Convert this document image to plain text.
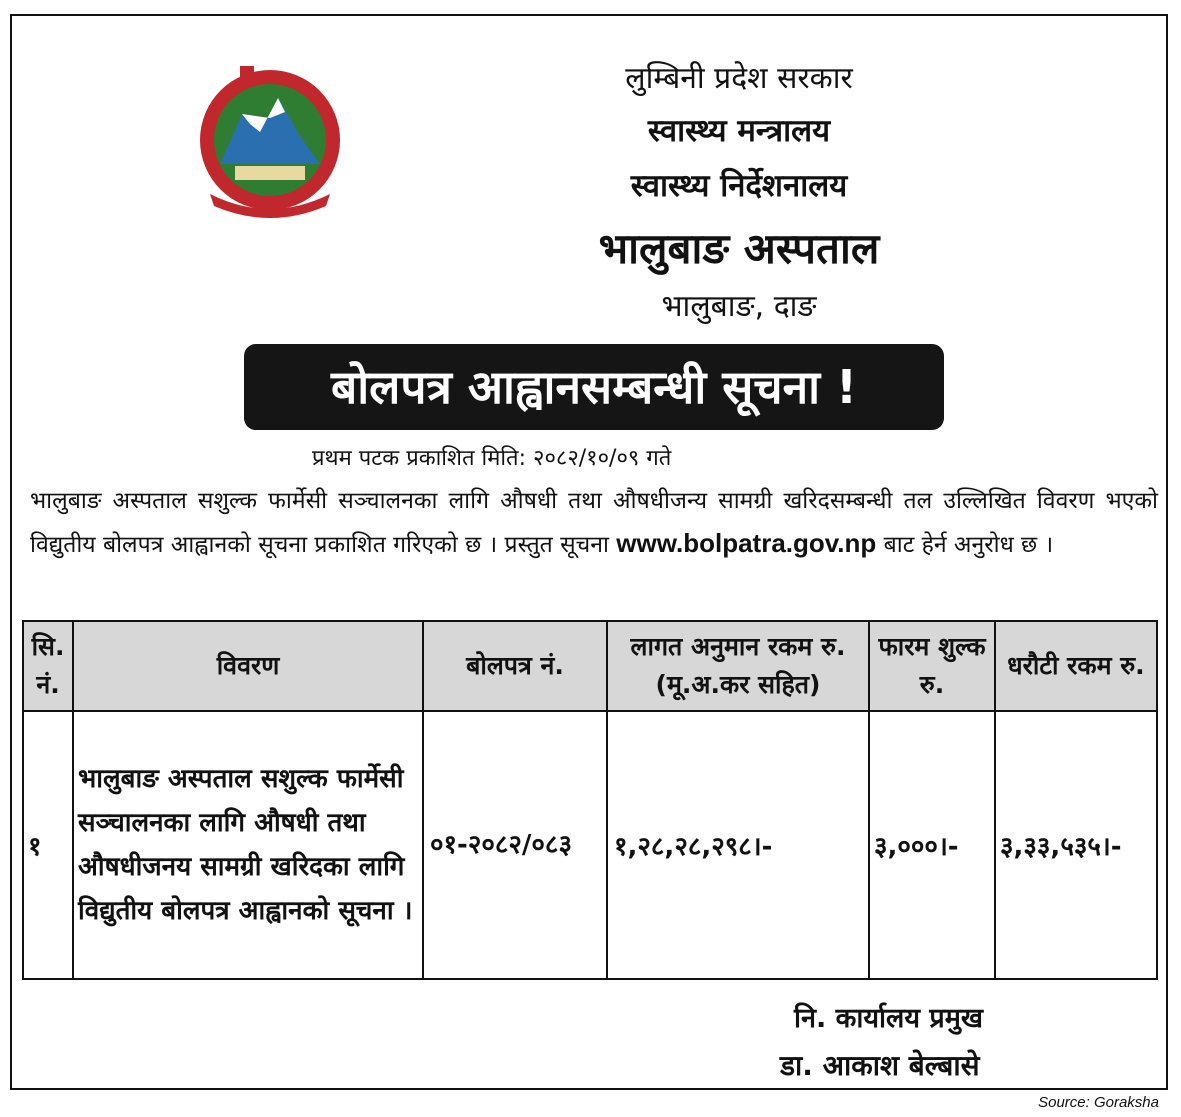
लुम्बिनी प्रदेश सरकार
स्वास्थ्य मन्त्रालय
स्वास्थ्य निर्देशनालय
भालुबाङ अस्पताल
भालुबाङ, दाङ
बोलपत्र आह्वानसम्बन्धी सूचना !
प्रथम पटक प्रकाशित मिति: २०८२/१०/०९ गते
भालुबाङ अस्पताल सशुल्क फार्मेसी सञ्चालनका लागि औषधी तथा औषधीजन्य सामग्री खरिदसम्बन्धी तल उल्लिखित विवरण भएको विद्युतीय बोलपत्र आह्वानको सूचना प्रकाशित गरिएको छ । प्रस्तुत सूचना www.bolpatra.gov.np बाट हेर्न अनुरोध छ ।
सि. नं.	विवरण	बोलपत्र नं.	लागत अनुमान रकम रु. (मू.अ.कर सहित)	फारम शुल्क रु.	धरौटी रकम रु.
१	भालुबाङ अस्पताल सशुल्क फार्मेसी सञ्चालनका लागि औषधी तथा औषधीजनय सामग्री खरिदका लागि विद्युतीय बोलपत्र आह्वानको सूचना ।	०१-२०८२/०८३	१,२८,२८,२९८।-	३,०००।-	३,३३,५३५।-
नि. कार्यालय प्रमुख
डा. आकाश बेल्बासे
Source: Goraksha
